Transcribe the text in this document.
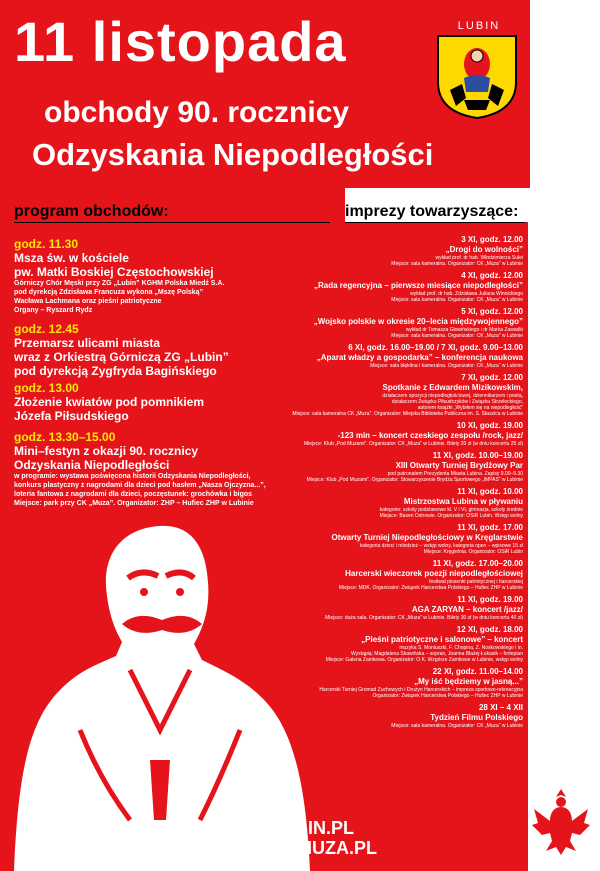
11 listopada
obchody 90. rocznicy
Odzyskania Niepodległości
LUBIN
program obchodów:	imprezy towarzyszące:
godz. 11.30
Msza św. w kościele
pw. Matki Boskiej Częstochowskiej
Górniczy Chór Męski przy ZG „Lubin” KGHM Polska Miedź S.A.
pod dyrekcją Zdzisława Francuza wykona „Mszę Polską”
Wacława Lachmana oraz pieśni patriotyczne
Organy – Ryszard Rydz
godz. 12.45
Przemarsz ulicami miasta
wraz z Orkiestrą Górniczą ZG „Lubin”
pod dyrekcją Zygfryda Bagińskiego
godz. 13.00
Złożenie kwiatów pod pomnikiem
Józefa Piłsudskiego
godz. 13.30–15.00
Mini–festyn z okazji 90. rocznicy
Odzyskania Niepodległości
w programie: wystawa poświęcona historii Odzyskania Niepodległości,
konkurs plastyczny z nagrodami dla dzieci pod hasłem „Nasza Ojczyzna...”,
loteria fantowa z nagrodami dla dzieci, poczęstunek: grochówka i bigos
Miejsce: park przy CK „Muza”. Organizator: ZHP – Hufiec ZHP w Lubinie
3 XI, godz. 12.00
„Drogi do wolności”
wykład prof. dr hab. Włodzimierza Sulei
Miejsce: sala kameralna. Organizator: CK „Muza” w Lubinie
4 XI, godz. 12.00
„Rada regencyjna – pierwsze miesiące niepodległości”
wykład prof. dr hab. Zdzisława Juliana Winnickiego
Miejsce: sala kameralna. Organizator: CK „Muza” w Lubinie
5 XI, godz. 12.00
„Wojsko polskie w okresie 20–lecia międzywojennego”
wykład dr Tomasza Głowińskiego i dr Marka Zawadki
Miejsce: sala kameralna. Organizator: CK „Muza” w Lubinie
6 XI, godz. 16.00–19.00 / 7 XI, godz. 9.00–13.00
„Aparat władzy a gospodarka” – konferencja naukowa
Miejsce: sala błękitna i kameralna. Organizator: CK „Muza” w Lubinie
7 XI, godz. 12.00
Spotkanie z Edwardem Mizikowskim,
działaczem opozycji niepodległościowej, dziennikarzem i poetą,
działaczem Związku Piłsudczyków i Związku Strzeleckiego,
autorem książki „Wybiłem się na niepodległość”
Miejsce: sala kameralna CK „Muza”. Organizator: Miejska Biblioteka Publiczna im. S. Staszica w Lubinie
10 XI, godz. 19.00
-123 min – koncert czeskiego zespołu /rock, jazz/
Miejsce: Klub „Pod Muzami”. Organizator: CK „Muza” w Lubinie. Bilety 20 zł (w dniu koncertu 25 zł)
11 XI, godz. 10.00–19.00
XIII Otwarty Turniej Brydżowy Par
pod patronatem Prezydenta Miasta Lubina. Zapisy 9.00–9.30
Miejsce: Klub „Pod Muzami”. Organizator: Stowarzyszenie Brydża Sportowego „IMPAS” w Lubinie
11 XI, godz. 10.00
Mistrzostwa Lubina w pływaniu
kategorie: szkoły podstawowe kl. V i VI, gimnazja, szkoły średnie
Miejsce: Basen Ostrowie. Organizator: OSiR Lubin. Wstęp wolny
11 XI, godz. 17.00
Otwarty Turniej Niepodległościowy w Kręglarstwie
kategoria dzieci i młodzież – wstęp wolny, kategoria open – wpisowe 15 zł
Miejsce: Kręgielnia. Organizator: OSiR Lubin
11 XI, godz. 17.00–20.00
Harcerski wieczorek poezji niepodległościowej
festiwal piosenki patriotycznej i harcerskiej
Miejsce: MDK. Organizator: Związek Harcerstwa Polskiego – Hufiec ZHP w Lubinie
11 XI, godz. 19.00
AGA ZARYAN – koncert /jazz/
Miejsce: duża sala. Organizator: CK „Muza” w Lubinie. Bilety 30 zł (w dniu koncertu 40 zł)
12 XI, godz. 18.00
„Pieśni patriotyczne i salonowe” – koncert
muzyka S. Moniuszki, F. Chopina, Z. Noskowskiego i in.
Wystąpią: Magdalena Skawińska – sopran, Joanna Błażej-Łukasik – fortepian
Miejsce: Galeria Zamkowa. Organizator: O.K. Wzgórze Zamkowe w Lubinie, wstęp wolny
22 XI, godz. 11.00–14.00
„My iść będziemy w jasną...”
Harcerski Turniej Gromad Zuchowych i Drużyn Harcerskich – impreza sportowo-rekreacyjna
Organizator: Związek Harcerstwa Polskiego – Hufiec ZHP w Lubinie
28 XI – 4 XII
Tydzień Filmu Polskiego
Miejsce: sala kameralna. Organizator: CK „Muza” w Lubinie
WWW.LUBIN.PL
WWW.CKMUZA.PL
